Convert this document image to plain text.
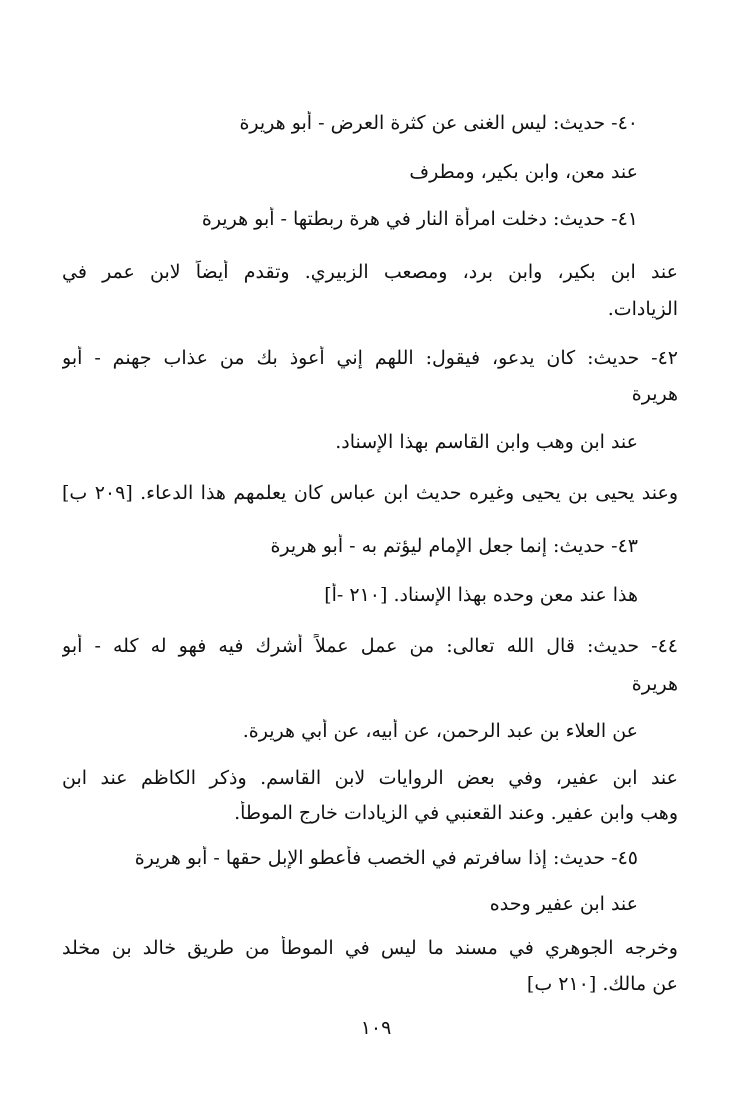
٤٠- حديث: ليس الغنى عن كثرة العرض - أبو هريرة
عند معن، وابن بكير، ومطرف
٤١- حديث: دخلت امرأة النار في هرة ربطتها - أبو هريرة
عند ابن بكير، وابن برد، ومصعب الزبيري. وتقدم أيضاً لابن عمر في
الزيادات.
٤٢- حديث: كان يدعو، فيقول: اللهم إني أعوذ بك من عذاب جهنم - أبو
هريرة
عند ابن وهب وابن القاسم بهذا الإسناد.
وعند يحيى بن يحيى وغيره حديث ابن عباس كان يعلمهم هذا الدعاء. [٢٠٩ ب]
٤٣- حديث: إنما جعل الإمام ليؤتم به - أبو هريرة
هذا عند معن وحده بهذا الإسناد. [٢١٠ -أ]
٤٤- حديث: قال الله تعالى: من عمل عملاً أشرك فيه فهو له كله - أبو
هريرة
عن العلاء بن عبد الرحمن، عن أبيه، عن أبي هريرة.
عند ابن عفير، وفي بعض الروايات لابن القاسم. وذكر الكاظم عند ابن
وهب وابن عفير. وعند القعنبي في الزيادات خارج الموطأ.
٤٥- حديث: إذا سافرتم في الخصب فأعطو الإبل حقها - أبو هريرة
عند ابن عفير وحده
وخرجه الجوهري في مسند ما ليس في الموطأ من طريق خالد بن مخلد
عن مالك. [٢١٠ ب]
١٠٩
